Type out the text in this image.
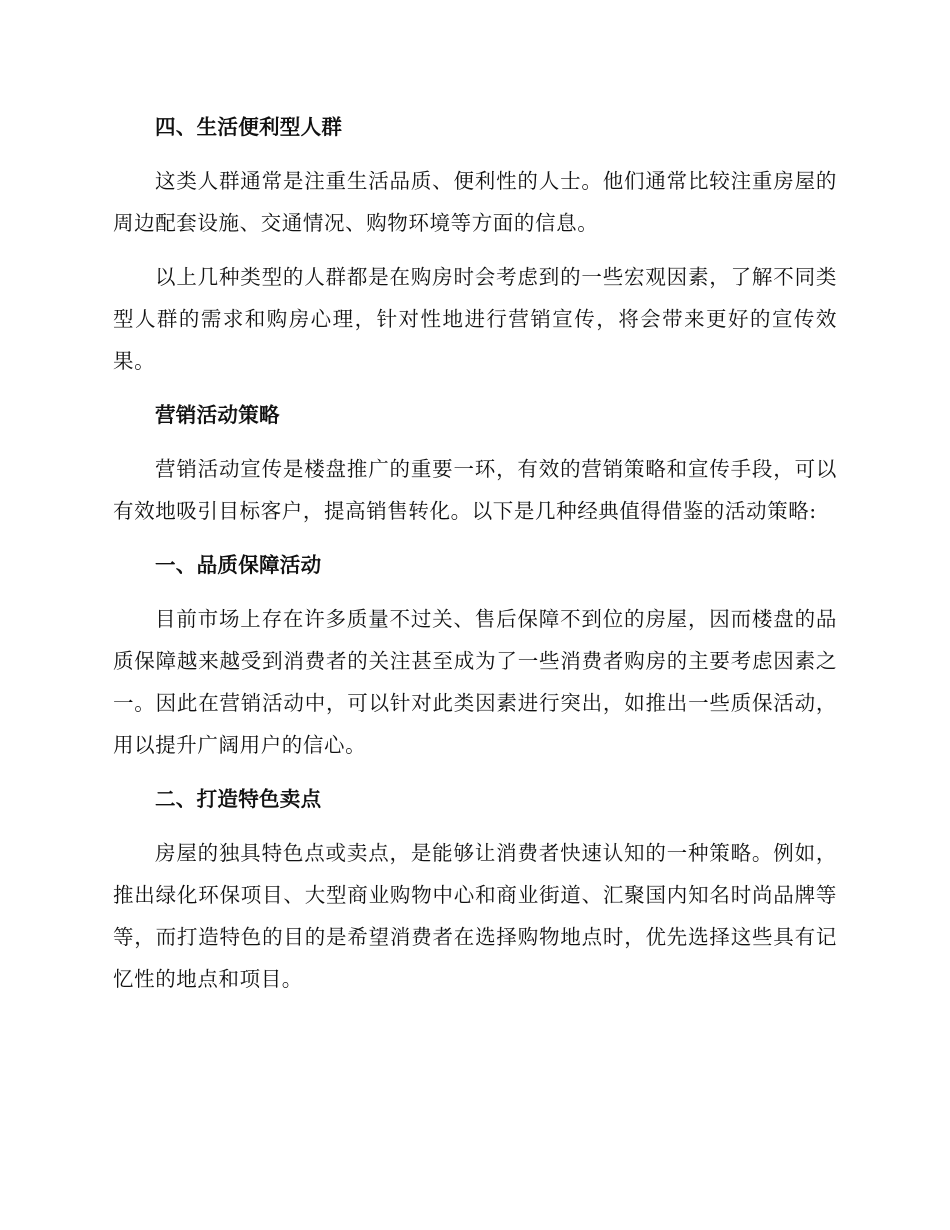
四、生活便利型人群

这类人群通常是注重生活品质、便利性的人士。他们通常比较注重房屋的周边配套设施、交通情况、购物环境等方面的信息。

以上几种类型的人群都是在购房时会考虑到的一些宏观因素，了解不同类型人群的需求和购房心理，针对性地进行营销宣传，将会带来更好的宣传效果。

营销活动策略

营销活动宣传是楼盘推广的重要一环，有效的营销策略和宣传手段，可以有效地吸引目标客户，提高销售转化。以下是几种经典值得借鉴的活动策略:

一、品质保障活动

目前市场上存在许多质量不过关、售后保障不到位的房屋，因而楼盘的品质保障越来越受到消费者的关注甚至成为了一些消费者购房的主要考虑因素之一。因此在营销活动中，可以针对此类因素进行突出，如推出一些质保活动，用以提升广阔用户的信心。

二、打造特色卖点

房屋的独具特色点或卖点，是能够让消费者快速认知的一种策略。例如，推出绿化环保项目、大型商业购物中心和商业街道、汇聚国内知名时尚品牌等等，而打造特色的目的是希望消费者在选择购物地点时，优先选择这些具有记忆性的地点和项目。
